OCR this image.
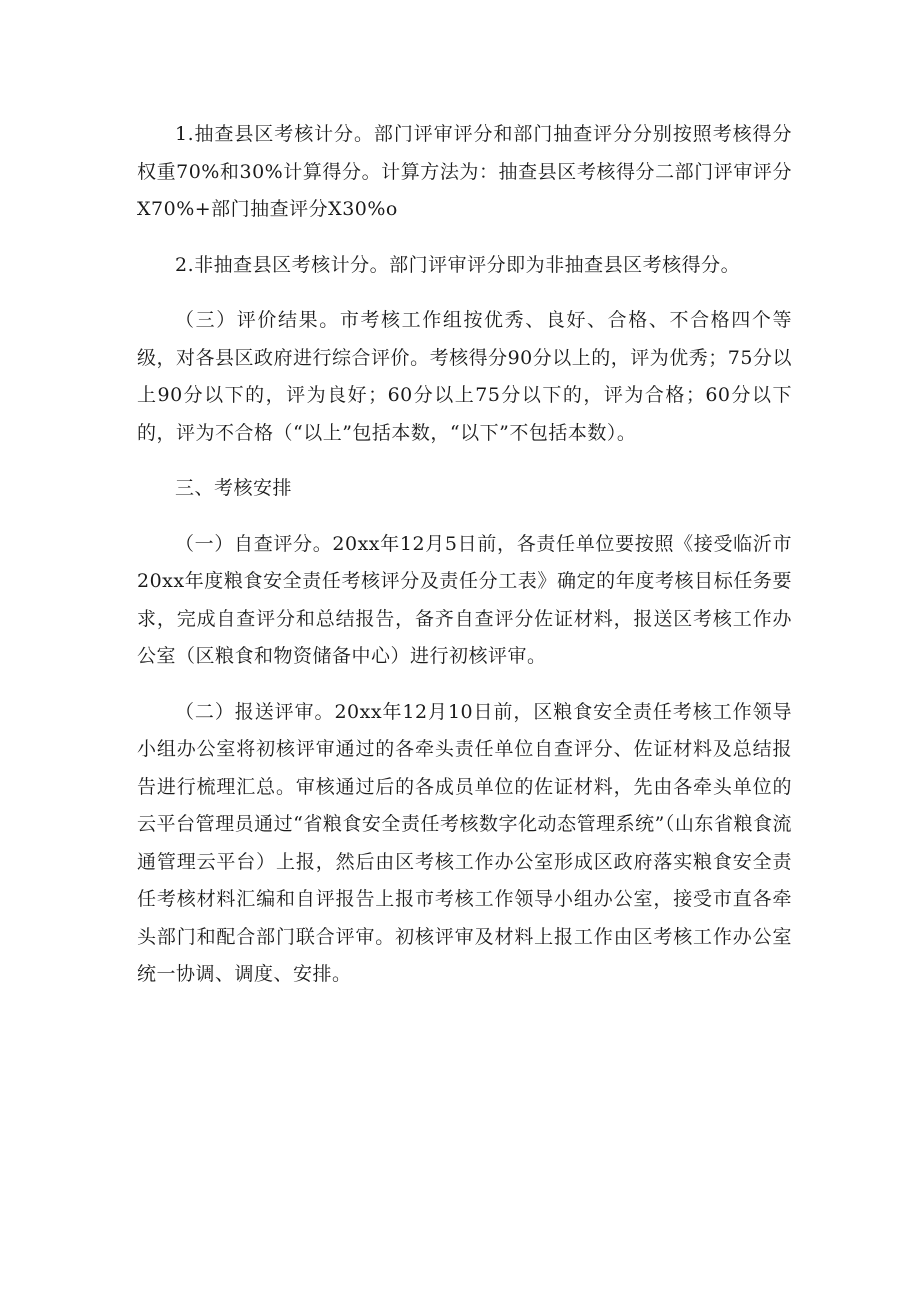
1.抽查县区考核计分。部门评审评分和部门抽查评分分别按照考核得分权重70%和30%计算得分。计算方法为：抽查县区考核得分二部门评审评分X70%+部门抽查评分X30%o

2.非抽查县区考核计分。部门评审评分即为非抽查县区考核得分。

（三）评价结果。市考核工作组按优秀、良好、合格、不合格四个等级，对各县区政府进行综合评价。考核得分90分以上的，评为优秀；75分以上90分以下的，评为良好；60分以上75分以下的，评为合格；60分以下的，评为不合格（“以上”包括本数，“以下”不包括本数）。

三、考核安排

（一）自查评分。20xx年12月5日前，各责任单位要按照《接受临沂市20xx年度粮食安全责任考核评分及责任分工表》确定的年度考核目标任务要求，完成自查评分和总结报告，备齐自查评分佐证材料，报送区考核工作办公室（区粮食和物资储备中心）进行初核评审。

（二）报送评审。20xx年12月10日前，区粮食安全责任考核工作领导小组办公室将初核评审通过的各牵头责任单位自查评分、佐证材料及总结报告进行梳理汇总。审核通过后的各成员单位的佐证材料，先由各牵头单位的云平台管理员通过“省粮食安全责任考核数字化动态管理系统”（山东省粮食流通管理云平台）上报，然后由区考核工作办公室形成区政府落实粮食安全责任考核材料汇编和自评报告上报市考核工作领导小组办公室，接受市直各牵头部门和配合部门联合评审。初核评审及材料上报工作由区考核工作办公室统一协调、调度、安排。
